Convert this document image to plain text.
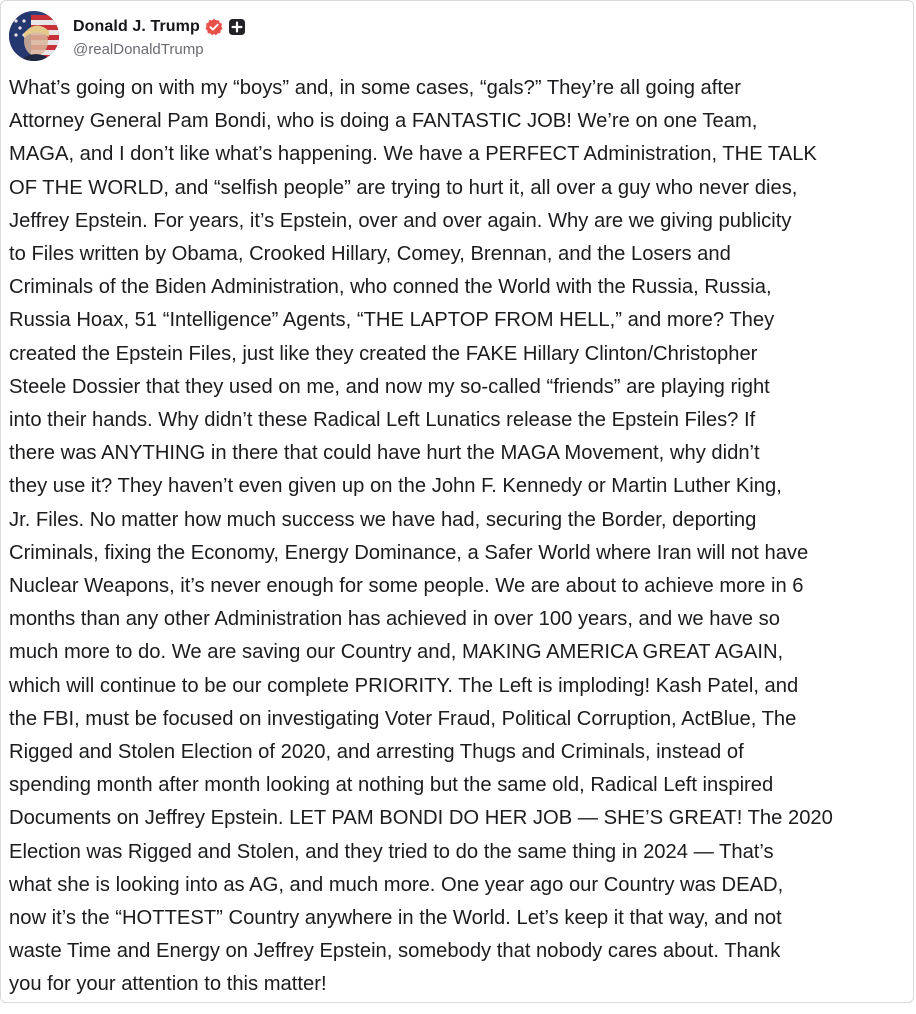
Donald J. Trump
@realDonaldTrump
What’s going on with my “boys” and, in some cases, “gals?” They’re all going after
Attorney General Pam Bondi, who is doing a FANTASTIC JOB! We’re on one Team,
MAGA, and I don’t like what’s happening. We have a PERFECT Administration, THE TALK
OF THE WORLD, and “selfish people” are trying to hurt it, all over a guy who never dies,
Jeffrey Epstein. For years, it’s Epstein, over and over again. Why are we giving publicity
to Files written by Obama, Crooked Hillary, Comey, Brennan, and the Losers and
Criminals of the Biden Administration, who conned the World with the Russia, Russia,
Russia Hoax, 51 “Intelligence” Agents, “THE LAPTOP FROM HELL,” and more? They
created the Epstein Files, just like they created the FAKE Hillary Clinton/Christopher
Steele Dossier that they used on me, and now my so-called “friends” are playing right
into their hands. Why didn’t these Radical Left Lunatics release the Epstein Files? If
there was ANYTHING in there that could have hurt the MAGA Movement, why didn’t
they use it? They haven’t even given up on the John F. Kennedy or Martin Luther King,
Jr. Files. No matter how much success we have had, securing the Border, deporting
Criminals, fixing the Economy, Energy Dominance, a Safer World where Iran will not have
Nuclear Weapons, it’s never enough for some people. We are about to achieve more in 6
months than any other Administration has achieved in over 100 years, and we have so
much more to do. We are saving our Country and, MAKING AMERICA GREAT AGAIN,
which will continue to be our complete PRIORITY. The Left is imploding! Kash Patel, and
the FBI, must be focused on investigating Voter Fraud, Political Corruption, ActBlue, The
Rigged and Stolen Election of 2020, and arresting Thugs and Criminals, instead of
spending month after month looking at nothing but the same old, Radical Left inspired
Documents on Jeffrey Epstein. LET PAM BONDI DO HER JOB — SHE’S GREAT! The 2020
Election was Rigged and Stolen, and they tried to do the same thing in 2024 — That’s
what she is looking into as AG, and much more. One year ago our Country was DEAD,
now it’s the “HOTTEST” Country anywhere in the World. Let’s keep it that way, and not
waste Time and Energy on Jeffrey Epstein, somebody that nobody cares about. Thank
you for your attention to this matter!
